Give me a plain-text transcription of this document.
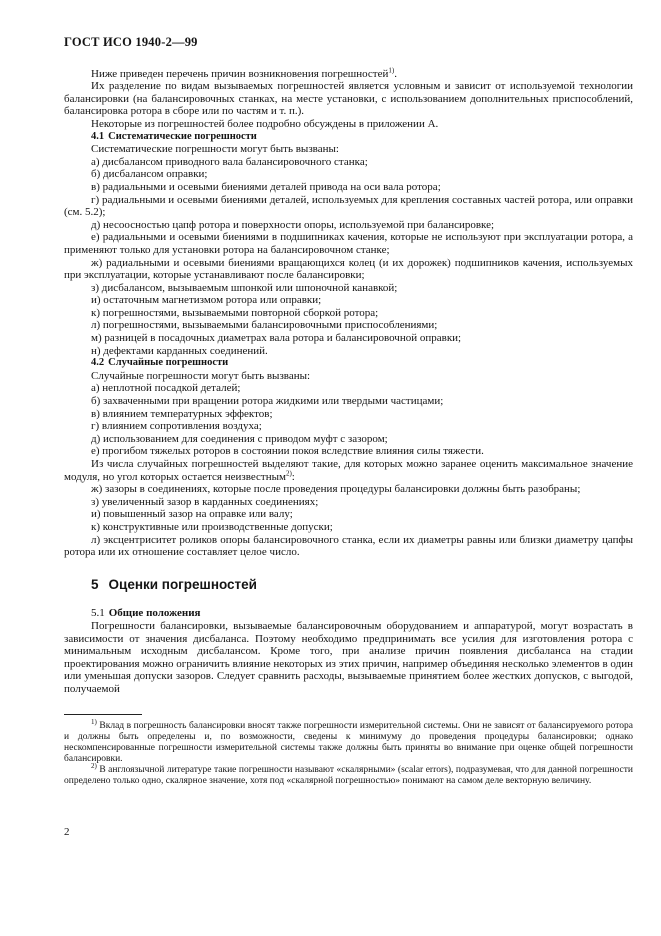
ГОСТ ИСО 1940-2—99

Ниже приведен перечень причин возникновения погрешностей$^{1)}$.

Их разделение по видам вызываемых погрешностей является условным и зависит от используемой технологии балансировки (на балансировочных станках, на месте установки, с использованием дополнительных приспособлений, балансировка ротора в сборе или по частям и т. п.).

Некоторые из погрешностей более подробно обсуждены в приложении А.

4.1 Систематические погрешности

Систематические погрешности могут быть вызваны:

а) дисбалансом приводного вала балансировочного станка;

б) дисбалансом оправки;

в) радиальными и осевыми биениями деталей привода на оси вала ротора;

г) радиальными и осевыми биениями деталей, используемых для крепления составных частей ротора, или оправки (см. 5.2);

д) несоосностью цапф ротора и поверхности опоры, используемой при балансировке;

е) радиальными и осевыми биениями в подшипниках качения, которые не используют при эксплуатации ротора, а применяют только для установки ротора на балансировочном станке;

ж) радиальными и осевыми биениями вращающихся колец (и их дорожек) подшипников качения, используемых при эксплуатации, которые устанавливают после балансировки;

з) дисбалансом, вызываемым шпонкой или шпоночной канавкой;

и) остаточным магнетизмом ротора или оправки;

к) погрешностями, вызываемыми повторной сборкой ротора;

л) погрешностями, вызываемыми балансировочными приспособлениями;

м) разницей в посадочных диаметрах вала ротора и балансировочной оправки;

н) дефектами карданных соединений.

4.2 Случайные погрешности

Случайные погрешности могут быть вызваны:

а) неплотной посадкой деталей;

б) захваченными при вращении ротора жидкими или твердыми частицами;

в) влиянием температурных эффектов;

г) влиянием сопротивления воздуха;

д) использованием для соединения с приводом муфт с зазором;

е) прогибом тяжелых роторов в состоянии покоя вследствие влияния силы тяжести.

Из числа случайных погрешностей выделяют такие, для которых можно заранее оценить максимальное значение модуля, но угол которых остается неизвестным$^{2)}$:

ж) зазоры в соединениях, которые после проведения процедуры балансировки должны быть разобраны;

з) увеличенный зазор в карданных соединениях;

и) повышенный зазор на оправке или валу;

к) конструктивные или производственные допуски;

л) эксцентриситет роликов опоры балансировочного станка, если их диаметры равны или близки диаметру цапфы ротора или их отношение составляет целое число.

5 Оценки погрешностей

5.1 Общие положения

Погрешности балансировки, вызываемые балансировочным оборудованием и аппаратурой, могут возрастать в зависимости от значения дисбаланса. Поэтому необходимо предпринимать все усилия для изготовления ротора с минимальным исходным дисбалансом. Кроме того, при анализе причин появления дисбаланса на стадии проектирования можно ограничить влияние некоторых из этих причин, например объединяя несколько элементов в один или уменьшая допуски зазоров. Следует сравнить расходы, вызываемые принятием более жестких допусков, с выгодой, получаемой

$^{1)}$ Вклад в погрешность балансировки вносят также погрешности измерительной системы. Они не зависят от балансируемого ротора и должны быть определены и, по возможности, сведены к минимуму до проведения процедуры балансировки; однако нескомпенсированные погрешности измерительной системы также должны быть приняты во внимание при оценке общей погрешности балансировки.

$^{2)}$ В англоязычной литературе такие погрешности называют «скалярными» (scalar errors), подразумевая, что для данной погрешности определено только одно, скалярное значение, хотя под «скалярной погрешностью» понимают на самом деле векторную величину.

2
